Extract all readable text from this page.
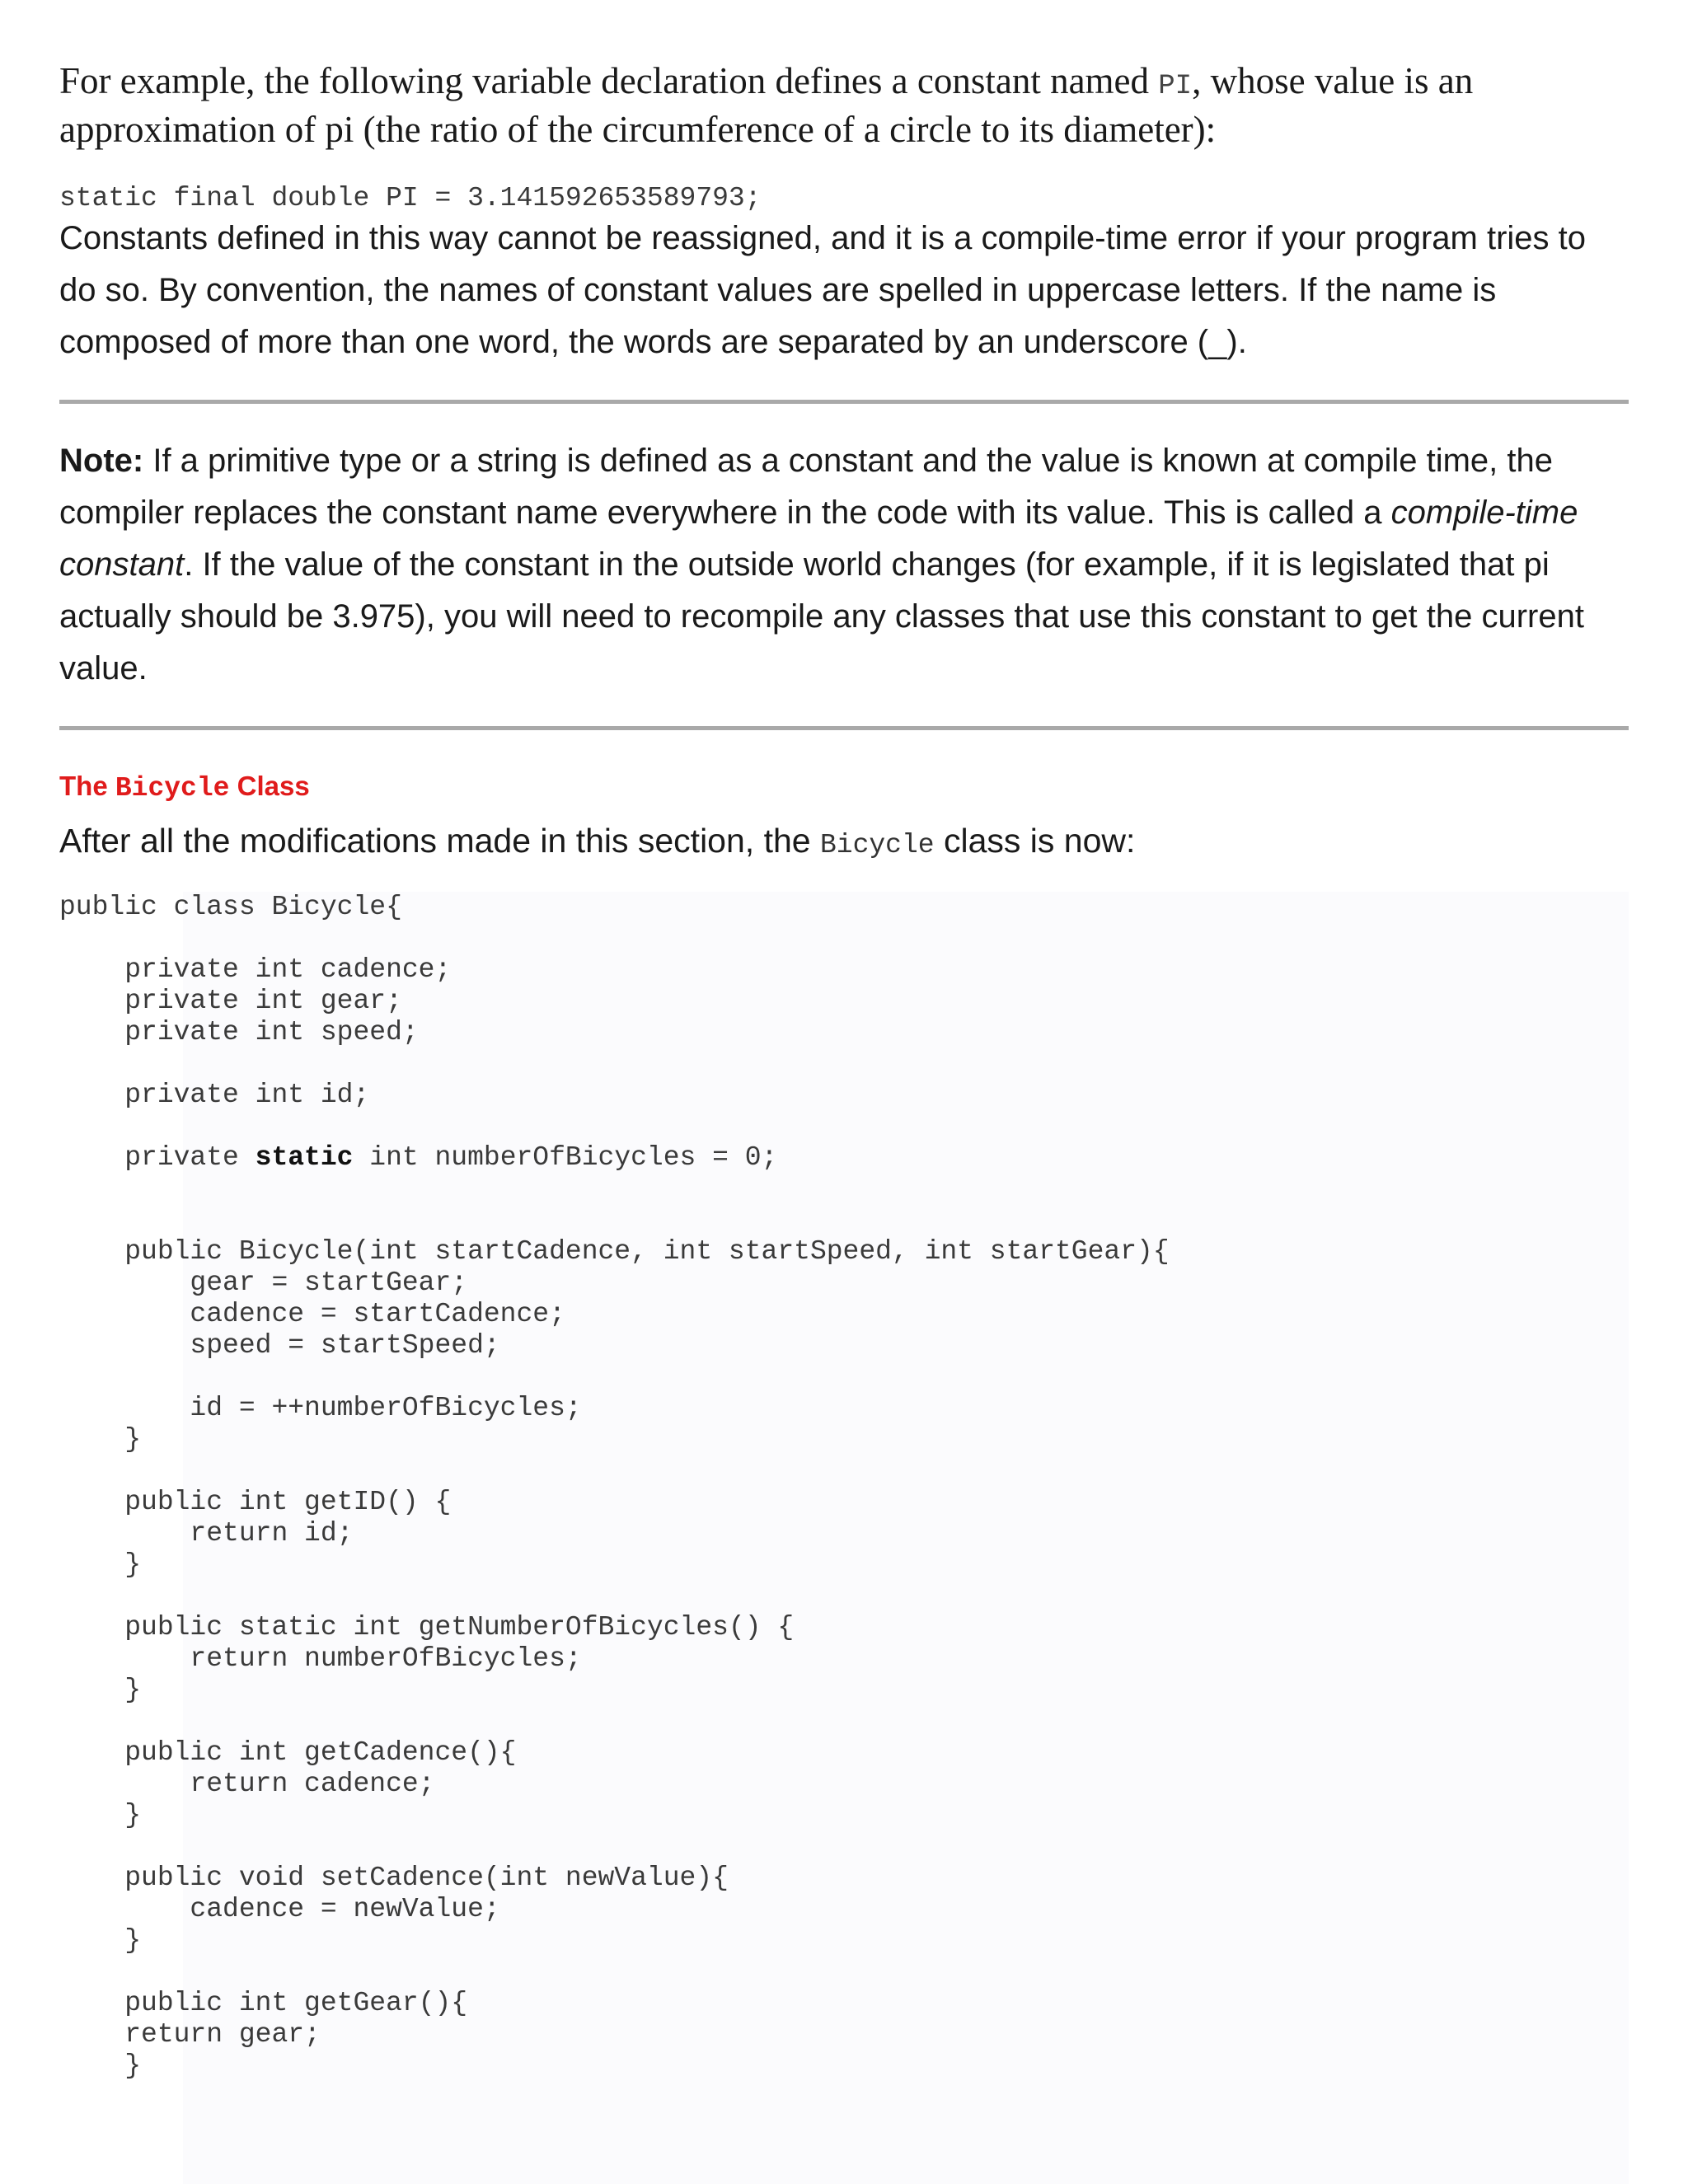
For example, the following variable declaration defines a constant named PI, whose value is an approximation of pi (the ratio of the circumference of a circle to its diameter):

static final double PI = 3.141592653589793;

Constants defined in this way cannot be reassigned, and it is a compile-time error if your program tries to do so. By convention, the names of constant values are spelled in uppercase letters. If the name is composed of more than one word, the words are separated by an underscore (_).

Note: If a primitive type or a string is defined as a constant and the value is known at compile time, the compiler replaces the constant name everywhere in the code with its value. This is called a compile-time constant. If the value of the constant in the outside world changes (for example, if it is legislated that pi actually should be 3.975), you will need to recompile any classes that use this constant to get the current value.

The Bicycle Class

After all the modifications made in this section, the Bicycle class is now:

public class Bicycle{
private int cadence;
private int gear;
private int speed;
private int id;
private static int numberOfBicycles = 0;
public Bicycle(int startCadence, int startSpeed, int startGear){
gear = startGear;
cadence = startCadence;
speed = startSpeed;
id = ++numberOfBicycles;
}
public int getID() {
return id;
}
public static int getNumberOfBicycles() {
return numberOfBicycles;
}
public int getCadence(){
return cadence;
}
public void setCadence(int newValue){
cadence = newValue;
}
public int getGear(){
return gear;
}
